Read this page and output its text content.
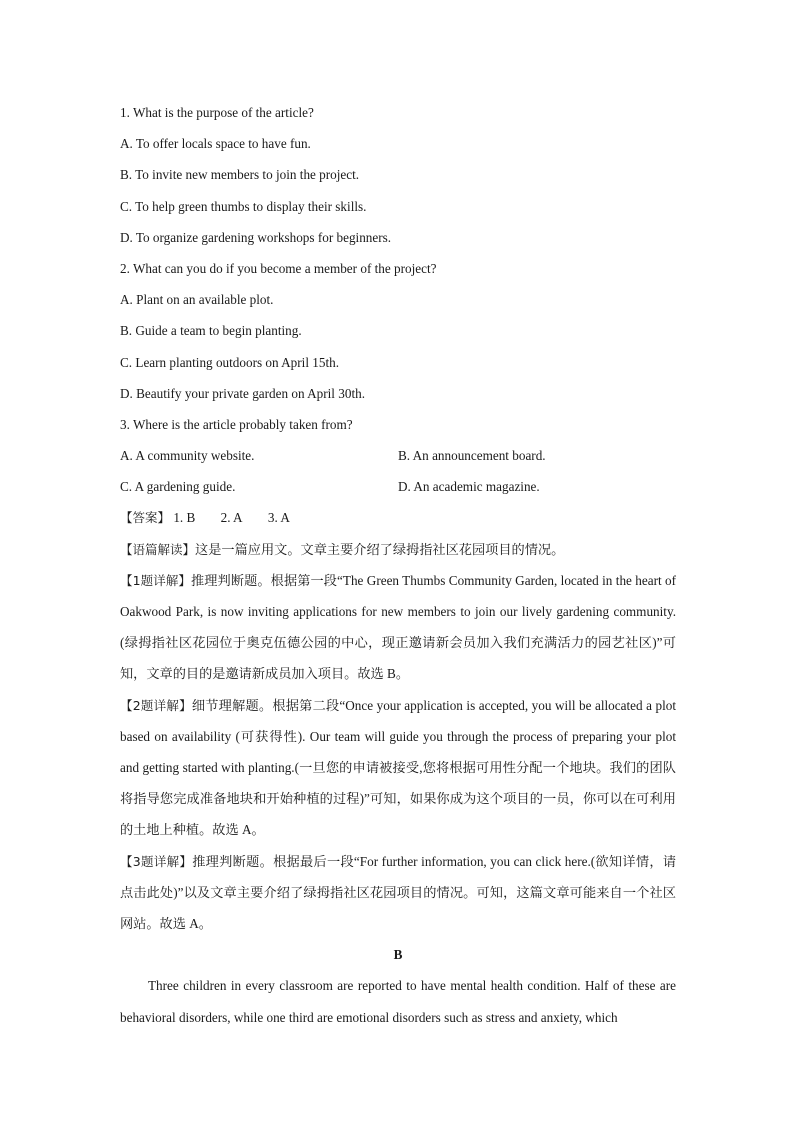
1. What is the purpose of the article?
A. To offer locals space to have fun.
B. To invite new members to join the project.
C. To help green thumbs to display their skills.
D. To organize gardening workshops for beginners.
2. What can you do if you become a member of the project?
A. Plant on an available plot.
B. Guide a team to begin planting.
C. Learn planting outdoors on April 15th.
D. Beautify your private garden on April 30th.
3. Where is the article probably taken from?
A. A community website.	B. An announcement board.
C. A gardening guide.	D. An academic magazine.
【答案】 1. B 2. A 3. A
【语篇解读】这是一篇应用文。文章主要介绍了绿拇指社区花园项目的情况。
【1题详解】推理判断题。根据第一段“The Green Thumbs Community Garden, located in the heart of Oakwood Park, is now inviting applications for new members to join our lively gardening community.(绿拇指社区花园位于奥克伍德公园的中心，现正邀请新会员加入我们充满活力的园艺社区)”可知，文章的目的是邀请新成员加入项目。故选 B。
【2题详解】细节理解题。根据第二段“Once your application is accepted, you will be allocated a plot based on availability (可获得性). Our team will guide you through the process of preparing your plot and getting started with planting.(一旦您的申请被接受,您将根据可用性分配一个地块。我们的团队将指导您完成准备地块和开始种植的过程)”可知，如果你成为这个项目的一员，你可以在可利用的土地上种植。故选 A。
【3题详解】推理判断题。根据最后一段“For further information, you can click here.(欲知详情，请点击此处)”以及文章主要介绍了绿拇指社区花园项目的情况。可知，这篇文章可能来自一个社区网站。故选 A。
B
Three children in every classroom are reported to have mental health condition. Half of these are behavioral disorders, while one third are emotional disorders such as stress and anxiety, which
